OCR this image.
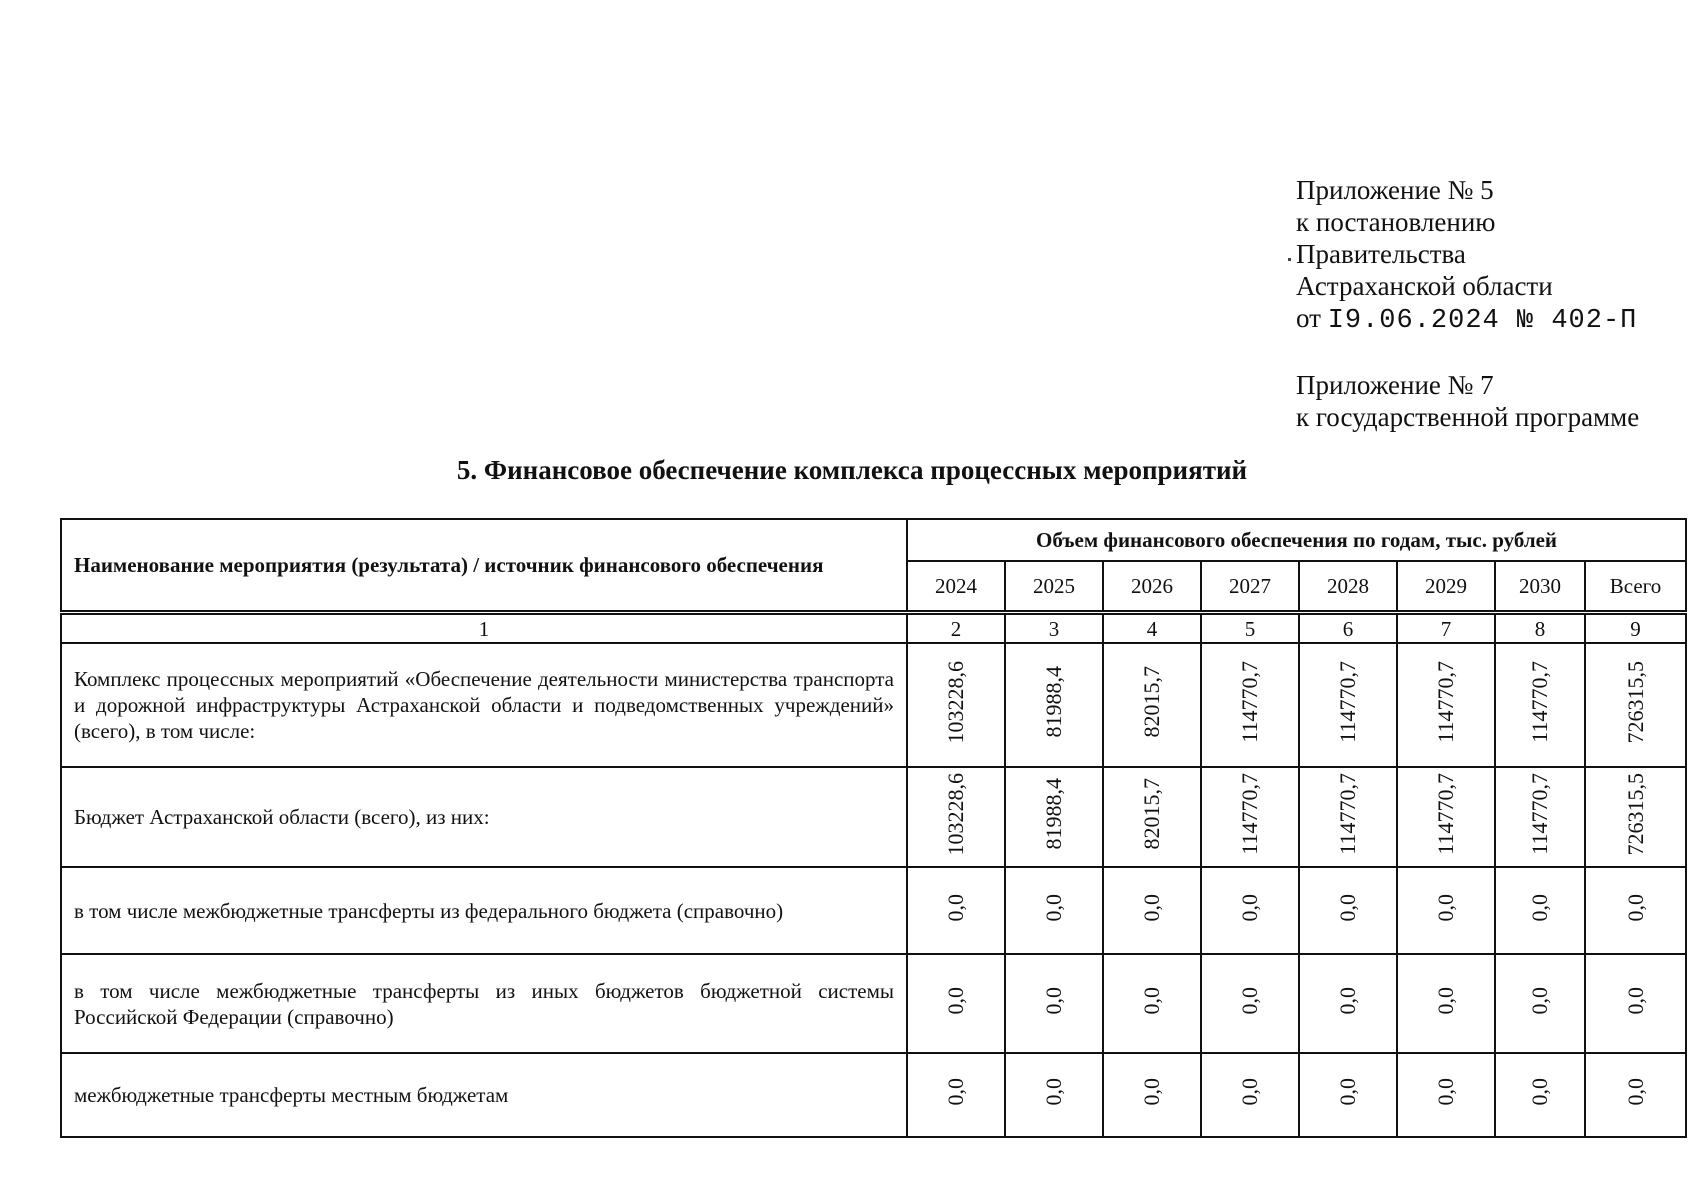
Приложение № 5
к постановлению
Правительства
Астраханской области
от I9.06.2024 № 402-П
Приложение № 7
к государственной программе
5. Финансовое обеспечение комплекса процессных мероприятий
Наименование мероприятия (результата) / источник финансового обеспечения	Объем финансового обеспечения по годам, тыс. рублей							
	2024	2025	2026	2027	2028	2029	2030	Всего
1	2	3	4	5	6	7	8	9
Комплекс процессных мероприятий «Обеспечение деятельности министерства транспорта и дорожной инфраструктуры Астраханской области и подведомственных учреждений» (всего), в том числе:	103228,6	81988,4	82015,7	114770,7	114770,7	114770,7	114770,7	726315,5
Бюджет Астраханской области (всего), из них:	103228,6	81988,4	82015,7	114770,7	114770,7	114770,7	114770,7	726315,5
в том числе межбюджетные трансферты из федерального бюджета (справочно)	0,0	0,0	0,0	0,0	0,0	0,0	0,0	0,0
в том числе межбюджетные трансферты из иных бюджетов бюджетной системы Российской Федерации (справочно)	0,0	0,0	0,0	0,0	0,0	0,0	0,0	0,0
межбюджетные трансферты местным бюджетам	0,0	0,0	0,0	0,0	0,0	0,0	0,0	0,0
